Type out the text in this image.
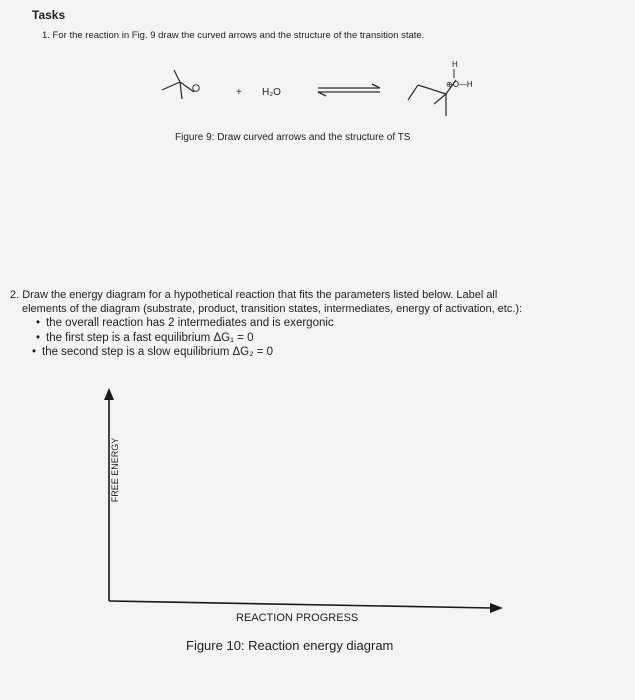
Tasks
1. For the reaction in Fig. 9 draw the curved arrows and the structure of the transition state.
+ H₂O
H
⊕O—H
Figure 9: Draw curved arrows and the structure of TS
2. Draw the energy diagram for a hypothetical reaction that fits the parameters listed below. Label all
elements of the diagram (substrate, product, transition states, intermediates, energy of activation, etc.):
• the overall reaction has 2 intermediates and is exergonic
• the first step is a fast equilibrium ΔG₁ = 0
• the second step is a slow equilibrium ΔG₂ = 0
FREE ENERGY
REACTION PROGRESS
Figure 10: Reaction energy diagram
